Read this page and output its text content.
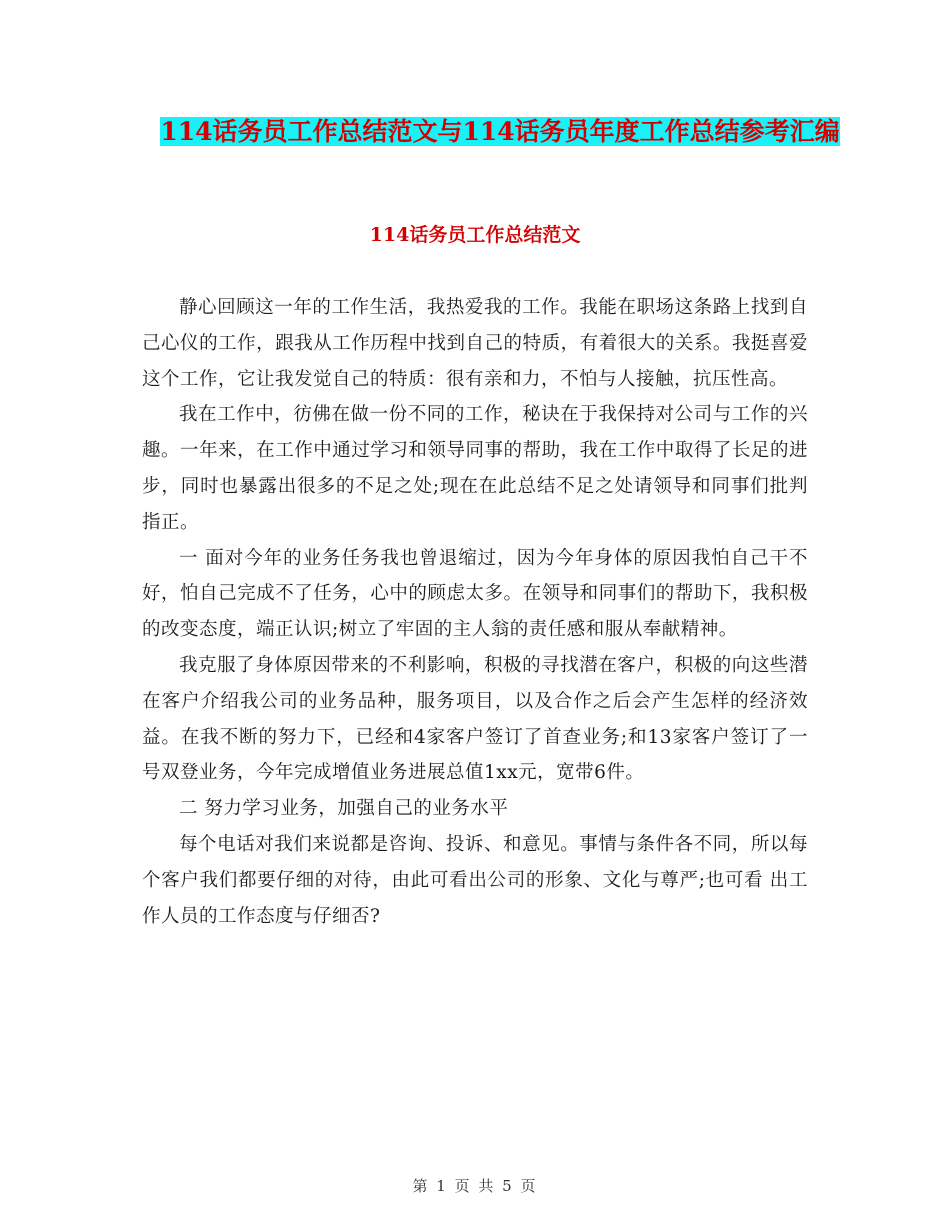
114话务员工作总结范文与114话务员年度工作总结参考汇编
114话务员工作总结范文

静心回顾这一年的工作生活，我热爱我的工作。我能在职场这条路上找到自己心仪的工作，跟我从工作历程中找到自己的特质，有着很大的关系。我挺喜爱这个工作，它让我发觉自己的特质：很有亲和力，不怕与人接触，抗压性高。

我在工作中，彷佛在做一份不同的工作，秘诀在于我保持对公司与工作的兴趣。一年来，在工作中通过学习和领导同事的帮助，我在工作中取得了长足的进步，同时也暴露出很多的不足之处;现在在此总结不足之处请领导和同事们批判指正。

一 面对今年的业务任务我也曾退缩过，因为今年身体的原因我怕自己干不好，怕自己完成不了任务，心中的顾虑太多。在领导和同事们的帮助下，我积极的改变态度，端正认识;树立了牢固的主人翁的责任感和服从奉献精神。

我克服了身体原因带来的不利影响，积极的寻找潜在客户，积极的向这些潜在客户介绍我公司的业务品种，服务项目，以及合作之后会产生怎样的经济效益。在我不断的努力下，已经和4家客户签订了首查业务;和13家客户签订了一号双登业务，今年完成增值业务进展总值1xx元，宽带6件。

二 努力学习业务，加强自己的业务水平

每个电话对我们来说都是咨询、投诉、和意见。事情与条件各不同，所以每个客户我们都要仔细的对待，由此可看出公司的形象、文化与尊严;也可看 出工作人员的工作态度与仔细否?

第 1 页 共 5 页
